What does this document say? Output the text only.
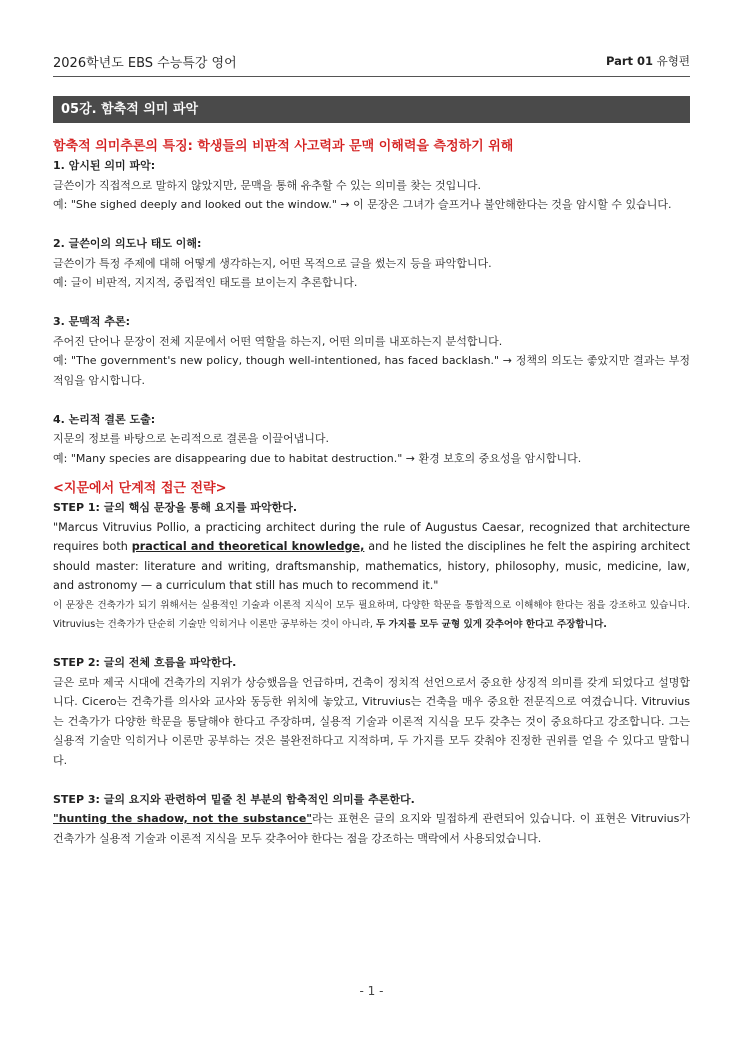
2026학년도 EBS 수능특강 영어	Part 01 유형편
05강. 함축적 의미 파악

함축적 의미추론의 특징: 학생들의 비판적 사고력과 문맥 이해력을 측정하기 위해

1. 암시된 의미 파악:

글쓴이가 직접적으로 말하지 않았지만, 문맥을 통해 유추할 수 있는 의미를 찾는 것입니다.

예: "She sighed deeply and looked out the window." → 이 문장은 그녀가 슬프거나 불안해한다는 것을 암시할 수 있습니다.

2. 글쓴이의 의도나 태도 이해:

글쓴이가 특정 주제에 대해 어떻게 생각하는지, 어떤 목적으로 글을 썼는지 등을 파악합니다.

예: 글이 비판적, 지지적, 중립적인 태도를 보이는지 추론합니다.

3. 문맥적 추론:

주어진 단어나 문장이 전체 지문에서 어떤 역할을 하는지, 어떤 의미를 내포하는지 분석합니다.

예: "The government's new policy, though well-intentioned, has faced backlash." → 정책의 의도는 좋았지만 결과는 부정적임을 암시합니다.

4. 논리적 결론 도출:

지문의 정보를 바탕으로 논리적으로 결론을 이끌어냅니다.

예: "Many species are disappearing due to habitat destruction." → 환경 보호의 중요성을 암시합니다.

<지문에서 단계적 접근 전략>

STEP 1: 글의 핵심 문장을 통해 요지를 파악한다.

"Marcus Vitruvius Pollio, a practicing architect during the rule of Augustus Caesar, recognized that architecture requires both practical and theoretical knowledge, and he listed the disciplines he felt the aspiring architect should master: literature and writing, draftsmanship, mathematics, history, philosophy, music, medicine, law, and astronomy — a curriculum that still has much to recommend it."

이 문장은 건축가가 되기 위해서는 실용적인 기술과 이론적 지식이 모두 필요하며, 다양한 학문을 통합적으로 이해해야 한다는 점을 강조하고 있습니다. Vitruvius는 건축가가 단순히 기술만 익히거나 이론만 공부하는 것이 아니라, 두 가지를 모두 균형 있게 갖추어야 한다고 주장합니다.

STEP 2: 글의 전체 흐름을 파악한다.

글은 로마 제국 시대에 건축가의 지위가 상승했음을 언급하며, 건축이 정치적 선언으로서 중요한 상징적 의미를 갖게 되었다고 설명합니다. Cicero는 건축가를 의사와 교사와 동등한 위치에 놓았고, Vitruvius는 건축을 매우 중요한 전문직으로 여겼습니다. Vitruvius는 건축가가 다양한 학문을 통달해야 한다고 주장하며, 실용적 기술과 이론적 지식을 모두 갖추는 것이 중요하다고 강조합니다. 그는 실용적 기술만 익히거나 이론만 공부하는 것은 불완전하다고 지적하며, 두 가지를 모두 갖춰야 진정한 권위를 얻을 수 있다고 말합니다.

STEP 3: 글의 요지와 관련하여 밑줄 친 부분의 함축적인 의미를 추론한다.

"hunting the shadow, not the substance"라는 표현은 글의 요지와 밀접하게 관련되어 있습니다. 이 표현은 Vitruvius가 건축가가 실용적 기술과 이론적 지식을 모두 갖추어야 한다는 점을 강조하는 맥락에서 사용되었습니다.

- 1 -
